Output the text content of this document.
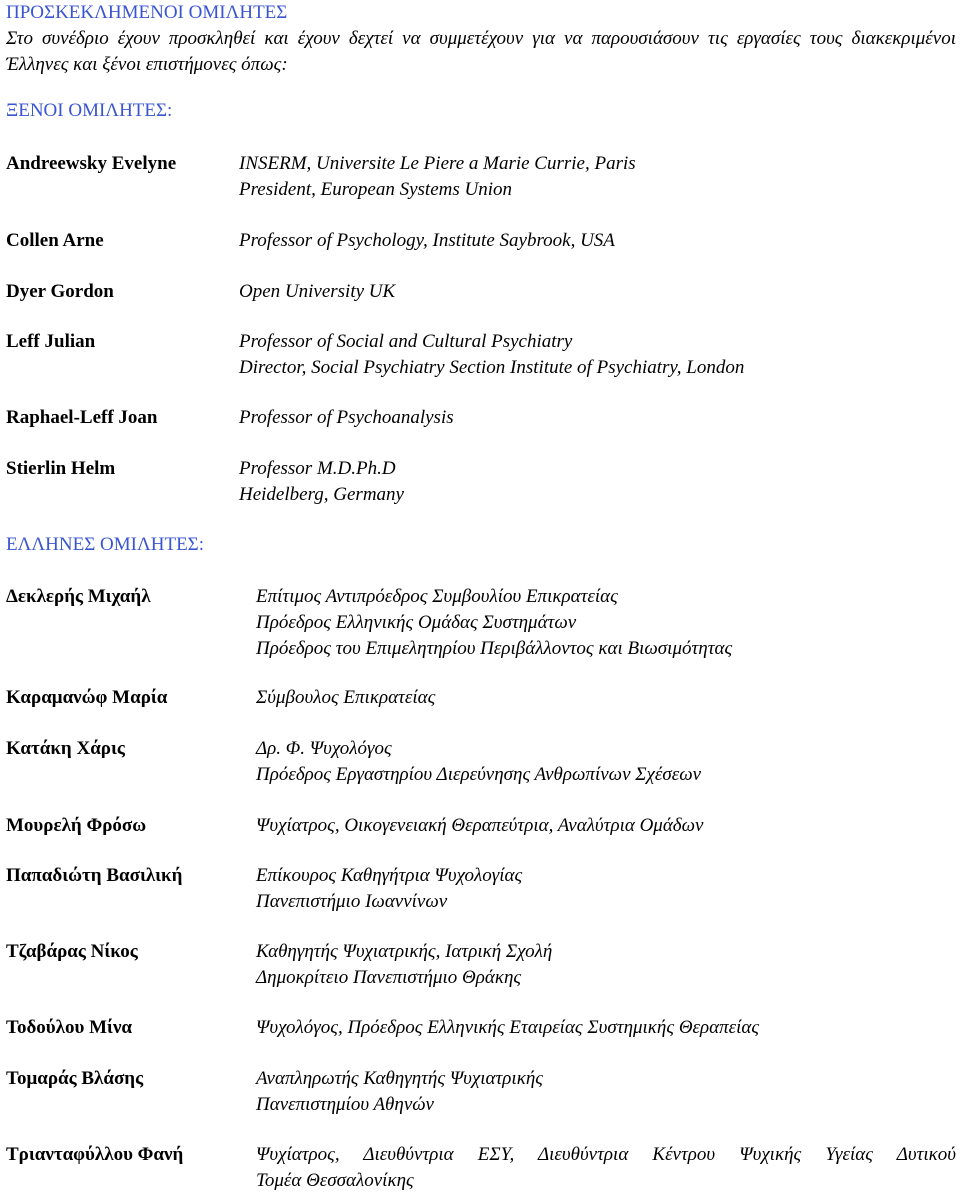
ΠΡΟΣΚΕΚΛΗΜΕΝΟΙ ΟΜΙΛΗΤΕΣ

Στο συνέδριο έχουν προσκληθεί και έχουν δεχτεί να συμμετέχουν για να παρουσιάσουν τις εργασίες τους διακεκριμένοι Έλληνες και ξένοι επιστήμονες όπως:

ΞΕΝΟΙ ΟΜΙΛΗΤΕΣ:
Andreewsky Evelyne	INSERM, Universite Le Piere a Marie Currie, Paris
President, European Systems Union
Collen Arne	Professor of Psychology, Institute Saybrook, USA
Dyer Gordon	Open University UK
Leff Julian	Professor of Social and Cultural Psychiatry
Director, Social Psychiatry Section Institute of Psychiatry, London
Raphael-Leff Joan	Professor of Psychoanalysis
Stierlin Helm	Professor M.D.Ph.D
Heidelberg, Germany
ΕΛΛΗΝΕΣ ΟΜΙΛΗΤΕΣ:
Δεκλερής Μιχαήλ	Επίτιμος Αντιπρόεδρος Συμβουλίου Επικρατείας
Πρόεδρος Ελληνικής Ομάδας Συστημάτων
Πρόεδρος του Επιμελητηρίου Περιβάλλοντος και Βιωσιμότητας
Καραμανώφ Μαρία	Σύμβουλος Επικρατείας
Κατάκη Χάρις	Δρ. Φ. Ψυχολόγος
Πρόεδρος Εργαστηρίου Διερεύνησης Ανθρωπίνων Σχέσεων
Μουρελή Φρόσω	Ψυχίατρος, Οικογενειακή Θεραπεύτρια, Αναλύτρια Ομάδων
Παπαδιώτη Βασιλική	Επίκουρος Καθηγήτρια Ψυχολογίας
Πανεπιστήμιο Ιωαννίνων
Τζαβάρας Νίκος	Καθηγητής Ψυχιατρικής, Ιατρική Σχολή
Δημοκρίτειο Πανεπιστήμιο Θράκης
Τοδούλου Μίνα	Ψυχολόγος, Πρόεδρος Ελληνικής Εταιρείας Συστημικής Θεραπείας
Τομαράς Βλάσης	Αναπληρωτής Καθηγητής Ψυχιατρικής
Πανεπιστημίου Αθηνών
Τριανταφύλλου Φανή	Ψυχίατρος, Διευθύντρια ΕΣΥ, Διευθύντρια Κέντρου Ψυχικής Υγείας Δυτικού
Τομέα Θεσσαλονίκης
